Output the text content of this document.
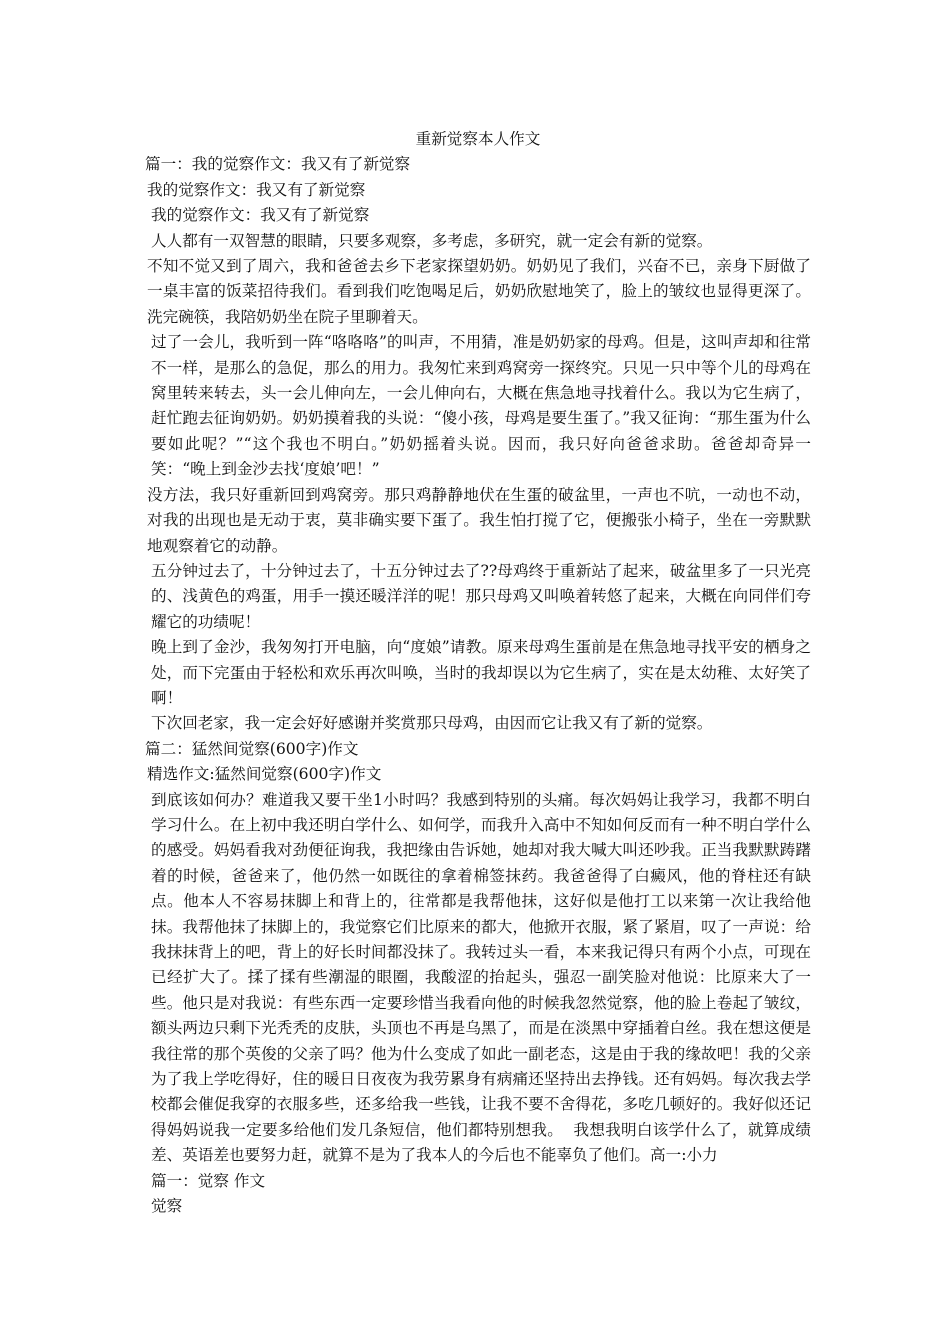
重新觉察本人作文

篇一：我的觉察作文：我又有了新觉察

我的觉察作文：我又有了新觉察

我的觉察作文：我又有了新觉察

人人都有一双智慧的眼睛，只要多观察，多考虑，多研究，就一定会有新的觉察。

不知不觉又到了周六，我和爸爸去乡下老家探望奶奶。奶奶见了我们，兴奋不已，亲身下厨做了一桌丰富的饭菜招待我们。看到我们吃饱喝足后，奶奶欣慰地笑了，脸上的皱纹也显得更深了。洗完碗筷，我陪奶奶坐在院子里聊着天。

过了一会儿，我听到一阵“咯咯咯”的叫声，不用猜，准是奶奶家的母鸡。但是，这叫声却和往常不一样，是那么的急促，那么的用力。我匆忙来到鸡窝旁一探终究。只见一只中等个儿的母鸡在窝里转来转去，头一会儿伸向左，一会儿伸向右，大概在焦急地寻找着什么。我以为它生病了，赶忙跑去征询奶奶。奶奶摸着我的头说：“傻小孩，母鸡是要生蛋了。”我又征询：“那生蛋为什么要如此呢？”“这个我也不明白。”奶奶摇着头说。因而，我只好向爸爸求助。爸爸却奇异一笑：“晚上到金沙去找‘度娘’吧！”

没方法，我只好重新回到鸡窝旁。那只鸡静静地伏在生蛋的破盆里，一声也不吭，一动也不动，对我的出现也是无动于衷，莫非确实要下蛋了。我生怕打搅了它，便搬张小椅子，坐在一旁默默地观察着它的动静。

五分钟过去了，十分钟过去了，十五分钟过去了??母鸡终于重新站了起来，破盆里多了一只光亮的、浅黄色的鸡蛋，用手一摸还暖洋洋的呢！那只母鸡又叫唤着转悠了起来，大概在向同伴们夸耀它的功绩呢！

晚上到了金沙，我匆匆打开电脑，向“度娘”请教。原来母鸡生蛋前是在焦急地寻找平安的栖身之处，而下完蛋由于轻松和欢乐再次叫唤，当时的我却误以为它生病了，实在是太幼稚、太好笑了啊！

下次回老家，我一定会好好感谢并奖赏那只母鸡，由因而它让我又有了新的觉察。

篇二：猛然间觉察(600字)作文

精选作文:猛然间觉察(600字)作文

到底该如何办？难道我又要干坐1小时吗？我感到特别的头痛。每次妈妈让我学习，我都不明白学习什么。在上初中我还明白学什么、如何学，而我升入高中不知如何反而有一种不明白学什么的感受。妈妈看我对劲便征询我，我把缘由告诉她，她却对我大喊大叫还吵我。正当我默默踌躇着的时候，爸爸来了，他仍然一如既往的拿着棉签抹药。我爸爸得了白癜风，他的脊柱还有缺点。他本人不容易抹脚上和背上的，往常都是我帮他抹，这好似是他打工以来第一次让我给他抹。我帮他抹了抹脚上的，我觉察它们比原来的都大，他掀开衣服，紧了紧眉，叹了一声说：给我抹抹背上的吧，背上的好长时间都没抹了。我转过头一看，本来我记得只有两个小点，可现在已经扩大了。揉了揉有些潮湿的眼圈，我酸涩的抬起头，强忍一副笑脸对他说：比原来大了一些。他只是对我说：有些东西一定要珍惜当我看向他的时候我忽然觉察，他的脸上卷起了皱纹，额头两边只剩下光秃秃的皮肤，头顶也不再是乌黑了，而是在淡黑中穿插着白丝。我在想这便是我往常的那个英俊的父亲了吗？他为什么变成了如此一副老态，这是由于我的缘故吧！我的父亲为了我上学吃得好，住的暖日日夜夜为我劳累身有病痛还坚持出去挣钱。还有妈妈。每次我去学校都会催促我穿的衣服多些，还多给我一些钱，让我不要不舍得花，多吃几顿好的。我好似还记得妈妈说我一定要多给他们发几条短信，他们都特别想我。  我想我明白该学什么了，就算成绩差、英语差也要努力赶，就算不是为了我本人的今后也不能辜负了他们。高一:小力

篇一：觉察 作文

觉察
